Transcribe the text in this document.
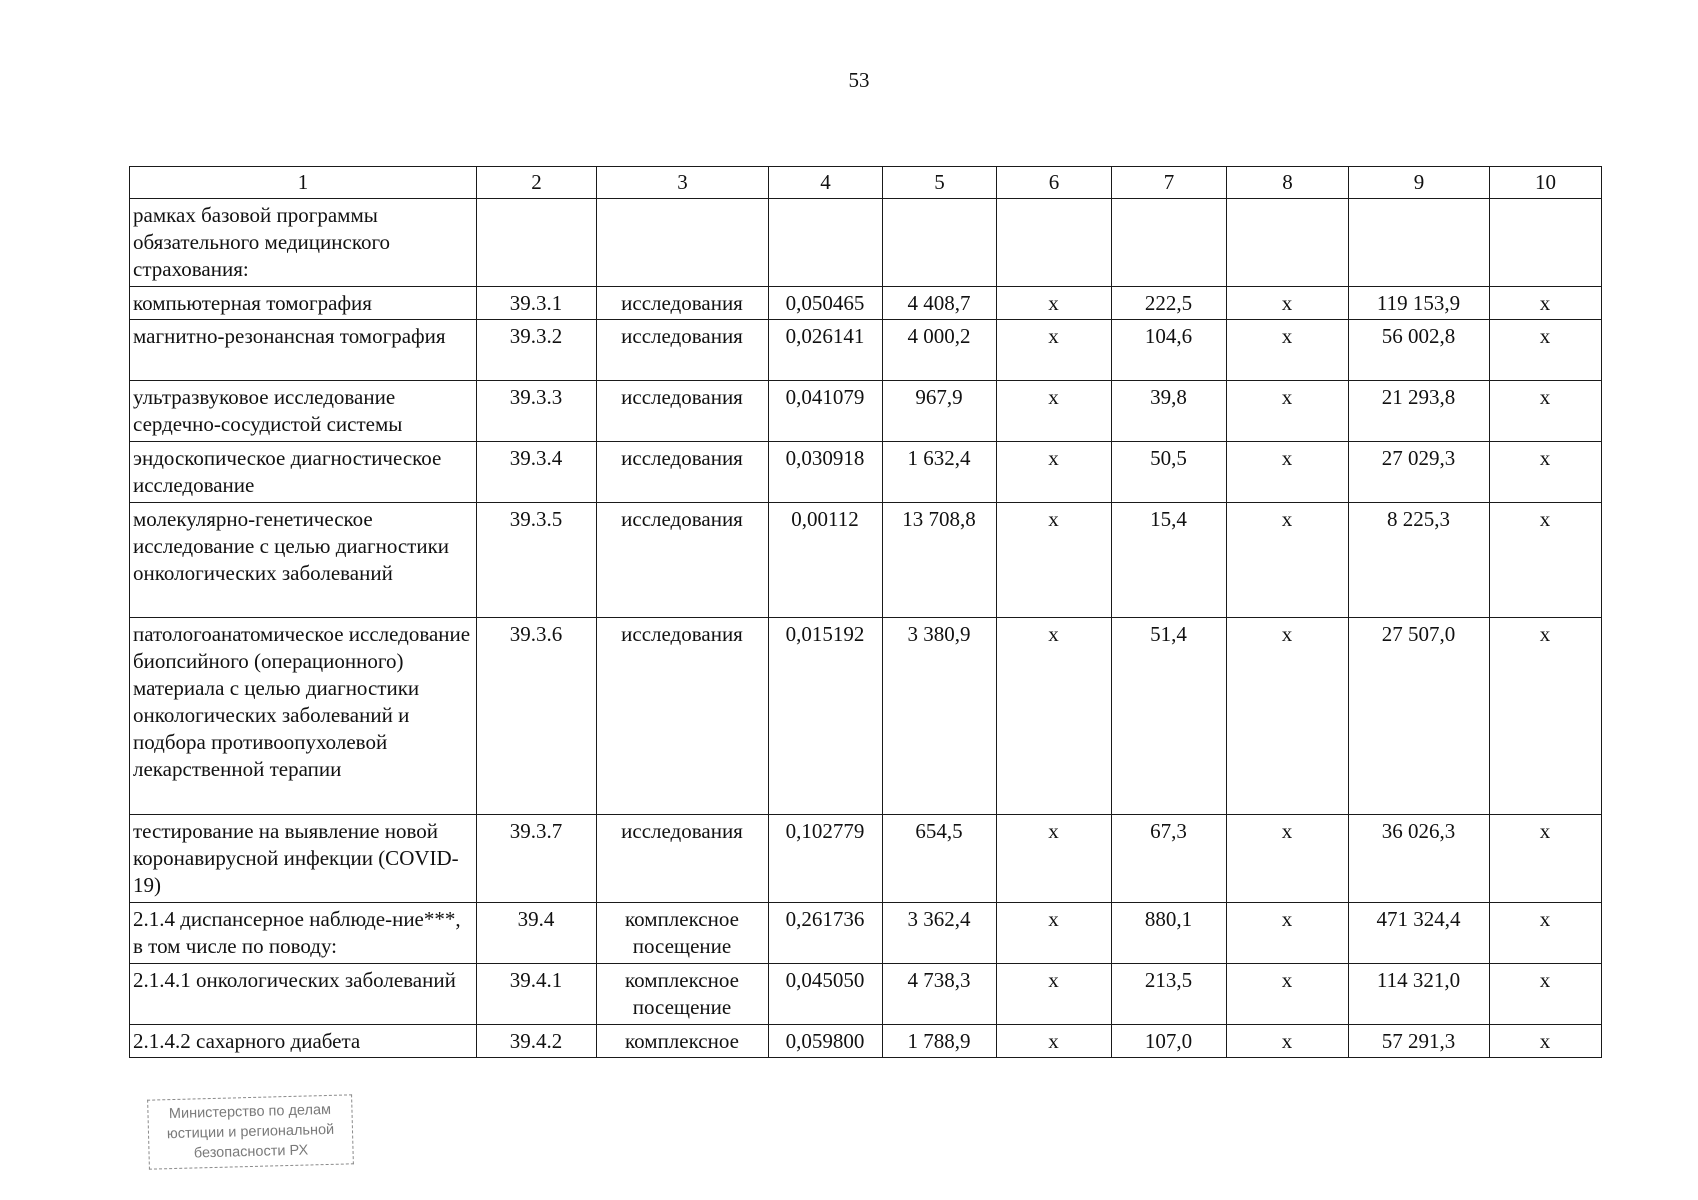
53
1	2	3	4	5	6	7	8	9	10
рамках базовой программы обязательного медицинского страхования:									
компьютерная томография	39.3.1	исследования	0,050465	4 408,7	х	222,5	х	119 153,9	х
магнитно-резонансная томография	39.3.2	исследования	0,026141	4 000,2	х	104,6	х	56 002,8	х
ультразвуковое исследование сердечно-сосудистой системы	39.3.3	исследования	0,041079	967,9	х	39,8	х	21 293,8	х
эндоскопическое диагностическое исследование	39.3.4	исследования	0,030918	1 632,4	х	50,5	х	27 029,3	х
молекулярно-генетическое исследование с целью диагностики онкологических заболеваний	39.3.5	исследования	0,00112	13 708,8	х	15,4	х	8 225,3	х
патологоанатомическое исследование биопсийного (операционного) материала с целью диагностики онкологических заболеваний и подбора противоопухолевой лекарственной терапии	39.3.6	исследования	0,015192	3 380,9	х	51,4	х	27 507,0	х
тестирование на выявление новой коронавирусной инфекции (COVID-19)	39.3.7	исследования	0,102779	654,5	х	67,3	х	36 026,3	х
2.1.4 диспансерное наблюде-ние***, в том числе по поводу:	39.4	комплексное посещение	0,261736	3 362,4	х	880,1	х	471 324,4	х
2.1.4.1 онкологических заболеваний	39.4.1	комплексное посещение	0,045050	4 738,3	х	213,5	х	114 321,0	х
2.1.4.2 сахарного диабета	39.4.2	комплексное	0,059800	1 788,9	х	107,0	х	57 291,3	х
Министерство по делам
юстиции и региональной
безопасности РХ
